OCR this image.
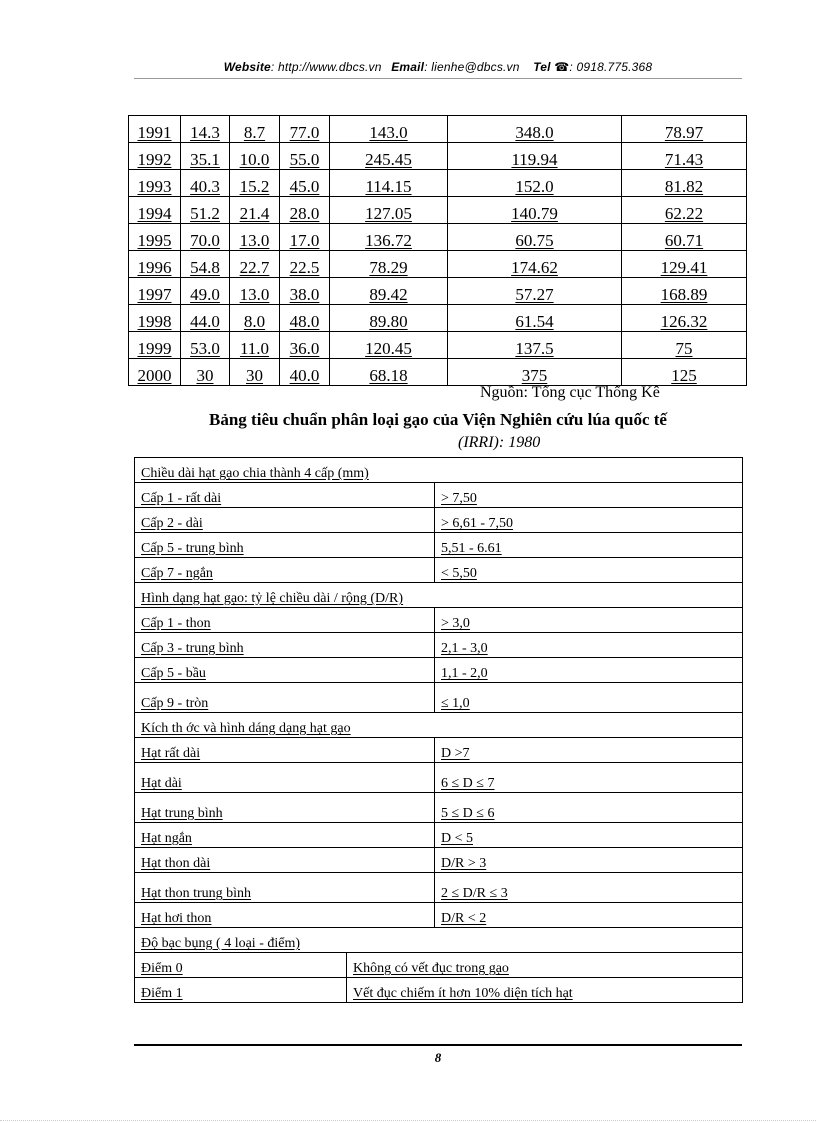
Website: http://www.dbcs.vn Email: lienhe@dbcs.vn Tel ☎: 0918.775.368
1991	14.3	8.7	77.0	143.0	348.0	78.97
1992	35.1	10.0	55.0	245.45	119.94	71.43
1993	40.3	15.2	45.0	114.15	152.0	81.82
1994	51.2	21.4	28.0	127.05	140.79	62.22
1995	70.0	13.0	17.0	136.72	60.75	60.71
1996	54.8	22.7	22.5	78.29	174.62	129.41
1997	49.0	13.0	38.0	89.42	57.27	168.89
1998	44.0	8.0	48.0	89.80	61.54	126.32
1999	53.0	11.0	36.0	120.45	137.5	75
2000	30	30	40.0	68.18	375	125
Nguồn: Tổng cục Thống Kê
Bảng tiêu chuẩn phân loại gạo của Viện Nghiên cứu lúa quốc tế
(IRRI): 1980
Chiều dài hạt gạo chia thành 4 cấp (mm)		
Cấp 1 - rất dài		> 7,50
Cấp 2 - dài		> 6,61 - 7,50
Cấp 5 - trung bình		5,51 - 6.61
Cấp 7 - ngắn		< 5,50
Hình dạng hạt gạo: tỷ lệ chiều dài / rộng (D/R)		
Cấp 1 - thon		> 3,0
Cấp 3 - trung bình		2,1 - 3,0
Cấp 5 - bầu		1,1 - 2,0
Cấp 9 - tròn		≤ 1,0
Kích th ớc và hình dáng dạng hạt gạo		
Hạt rất dài		D >7
Hạt dài		6 ≤ D ≤ 7
Hạt trung bình		5 ≤ D ≤ 6
Hạt ngắn		D < 5
Hạt thon dài		D/R > 3
Hạt thon trung bình		2 ≤ D/R ≤ 3
Hạt hơi thon		D/R < 2
Độ bạc bụng ( 4 loại - điểm)		
Điểm 0	Không có vết đục trong gạo	
Điểm 1	Vết đục chiếm ít hơn 10% diện tích hạt	
8
